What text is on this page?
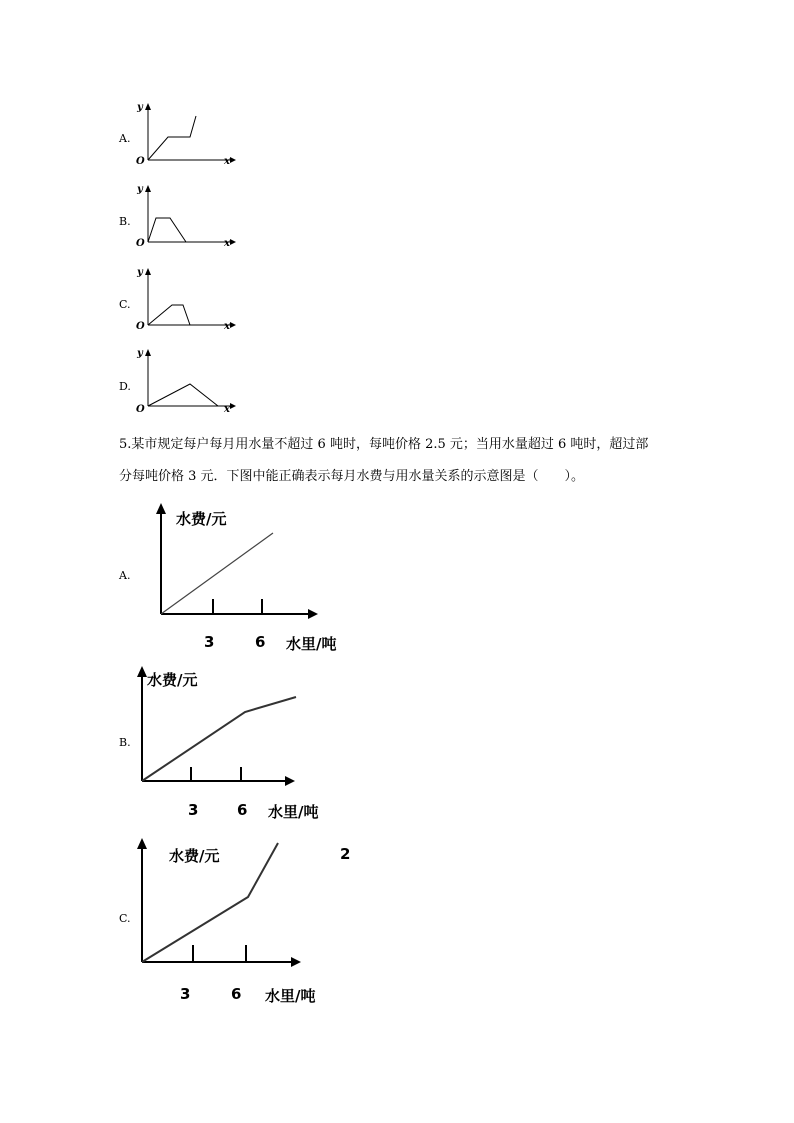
A.
y
x
O
B.
y
x
O
C.
y
x
O
D.
y
x
O
5.某市规定每户每月用水量不超过 6 吨时，每吨价格 2.5 元；当用水量超过 6 吨时，超过部
分每吨价格 3 元．下图中能正确表示每月水费与用水量关系的示意图是（　　）。
A.
水费/元
3	6 水里/吨
B.
水费/元
3	6 水里/吨
C.
水费/元	2
3	6 水里/吨
